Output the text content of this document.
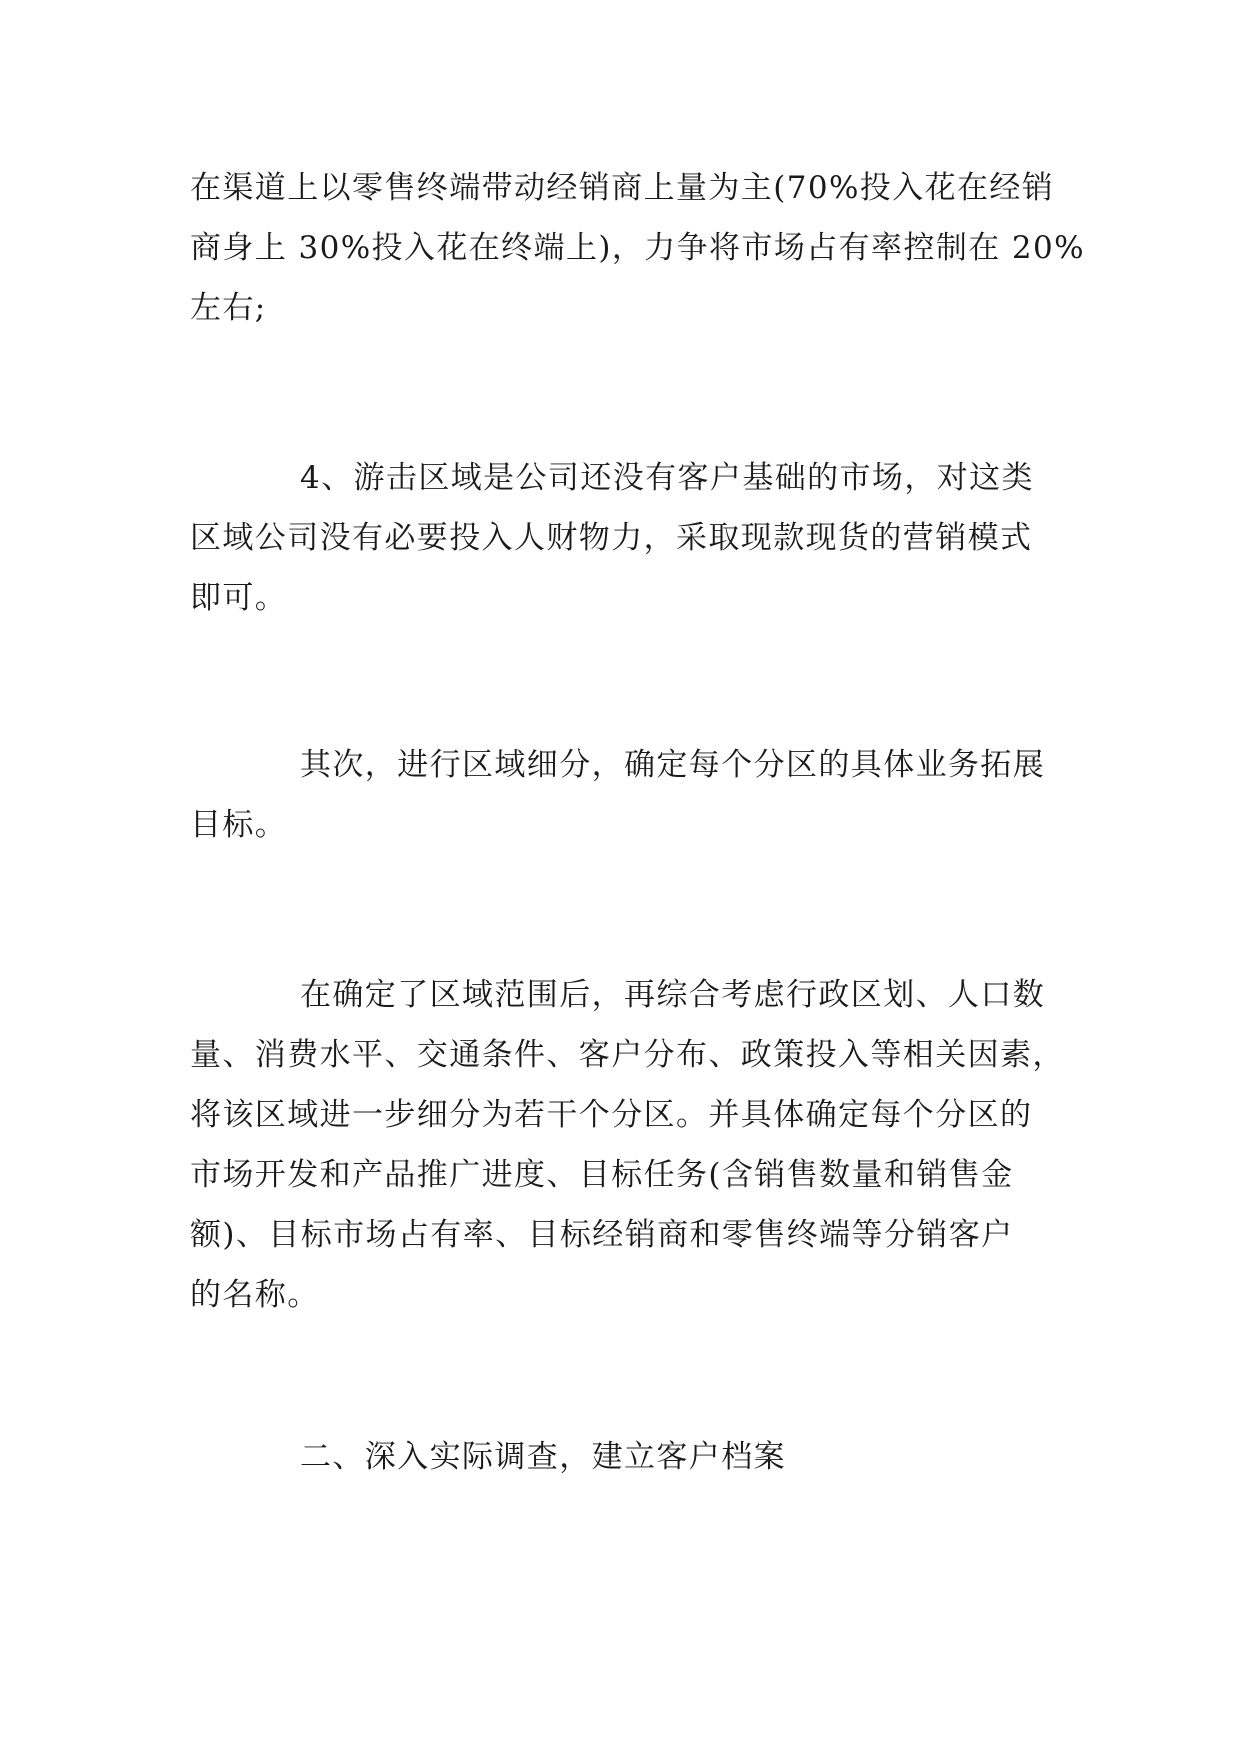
在渠道上以零售终端带动经销商上量为主(70%投入花在经销
商身上 30%投入花在终端上)，力争将市场占有率控制在 20%
左右;

4、游击区域是公司还没有客户基础的市场，对这类
区域公司没有必要投入人财物力，采取现款现货的营销模式
即可。

其次，进行区域细分，确定每个分区的具体业务拓展
目标。

在确定了区域范围后，再综合考虑行政区划、人口数
量、消费水平、交通条件、客户分布、政策投入等相关因素，
将该区域进一步细分为若干个分区。并具体确定每个分区的
市场开发和产品推广进度、目标任务(含销售数量和销售金
额)、目标市场占有率、目标经销商和零售终端等分销客户
的名称。

二、深入实际调查，建立客户档案
